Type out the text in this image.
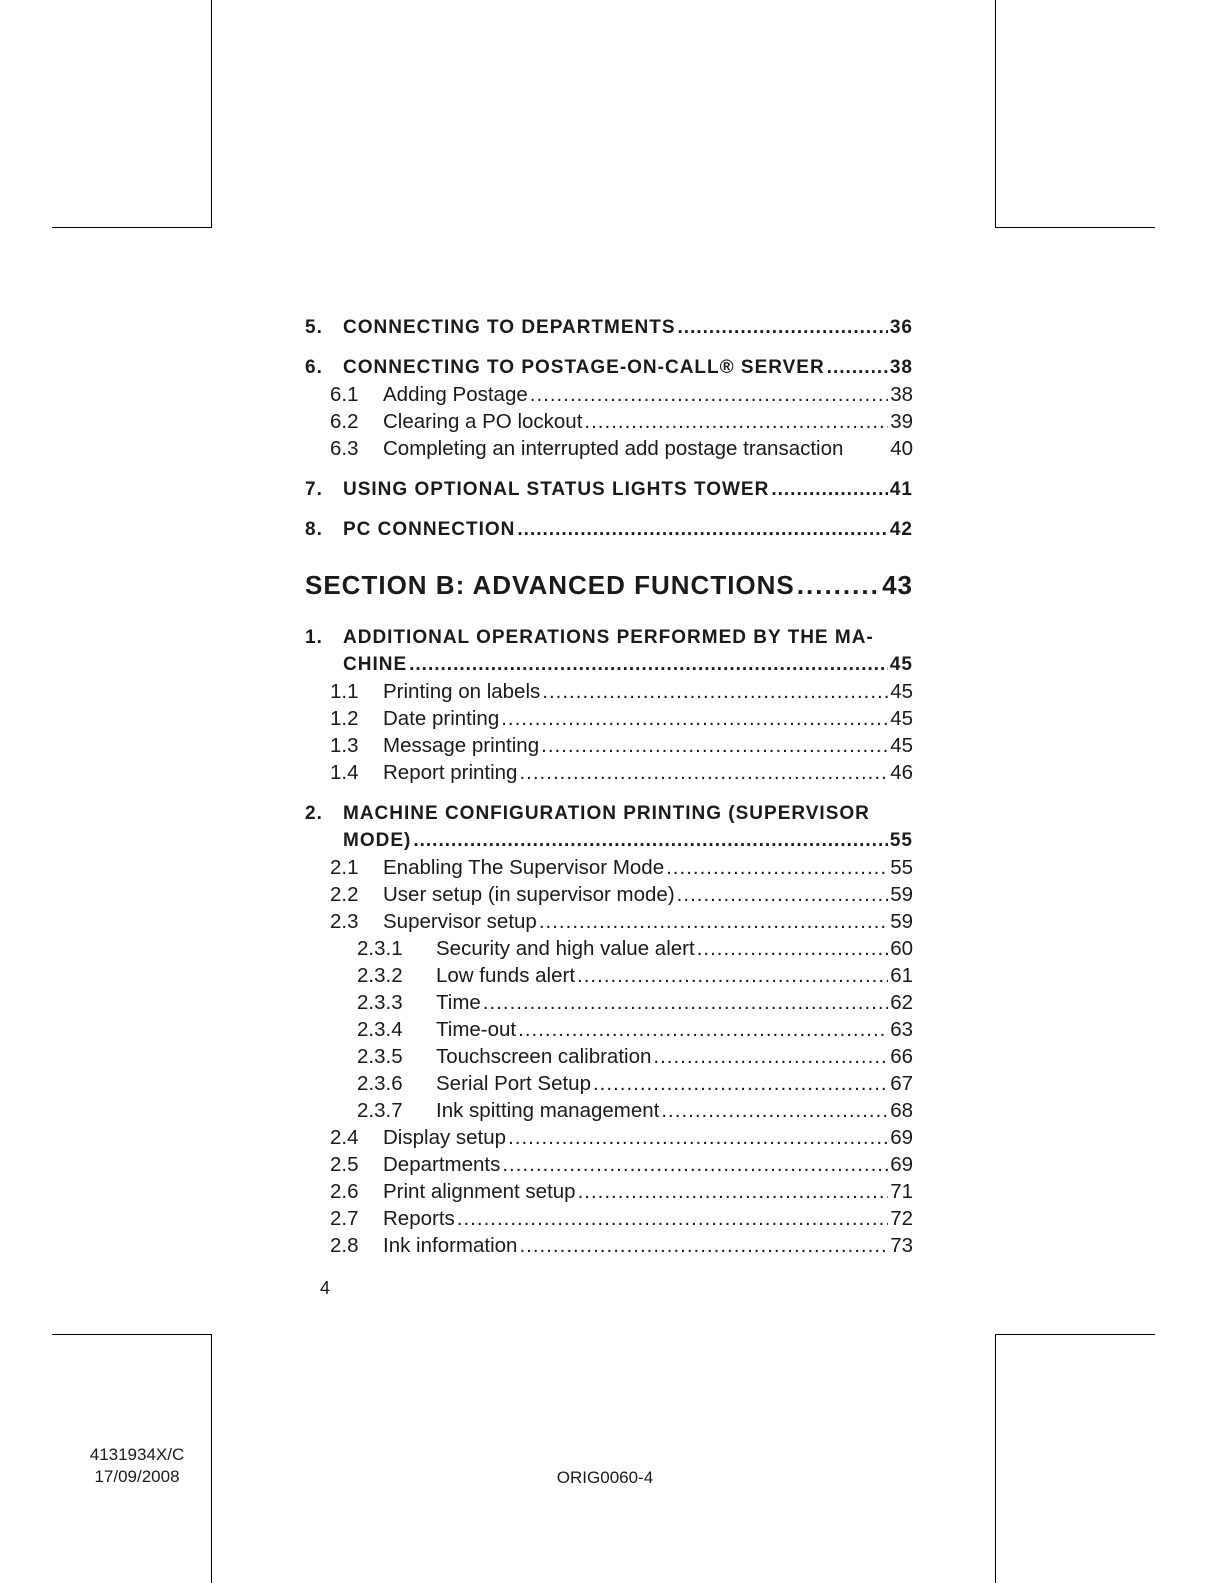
5.	CONNECTING TO DEPARTMENTS .....	36
6.	CONNECTING TO POSTAGE-ON-CALL® SERVER .....	38
6.1	Adding Postage .....	38
6.2	Clearing a PO lockout .....	39
6.3	Completing an interrupted add postage transaction 40
7.	USING OPTIONAL STATUS LIGHTS TOWER .....	41
8.	PC CONNECTION .....	42
SECTION B: ADVANCED FUNCTIONS .....	43
1.	ADDITIONAL OPERATIONS PERFORMED BY THE MA-
CHINE .....	45
1.1	Printing on labels .....	45
1.2	Date printing .....	45
1.3	Message printing .....	45
1.4	Report printing .....	46
2.	MACHINE CONFIGURATION PRINTING (SUPERVISOR
MODE) .....	55
2.1	Enabling The Supervisor Mode .....	55
2.2	User setup (in supervisor mode) .....	59
2.3	Supervisor setup .....	59
2.3.1	Security and high value alert .....	60
2.3.2	Low funds alert .....	61
2.3.3	Time .....	62
2.3.4	Time-out .....	63
2.3.5	Touchscreen calibration .....	66
2.3.6	Serial Port Setup .....	67
2.3.7	Ink spitting management .....	68
2.4	Display setup .....	69
2.5	Departments .....	69
2.6	Print alignment setup .....	71
2.7	Reports .....	72
2.8	Ink information .....	73
4
4131934X/C
17/09/2008	ORIG0060-4
